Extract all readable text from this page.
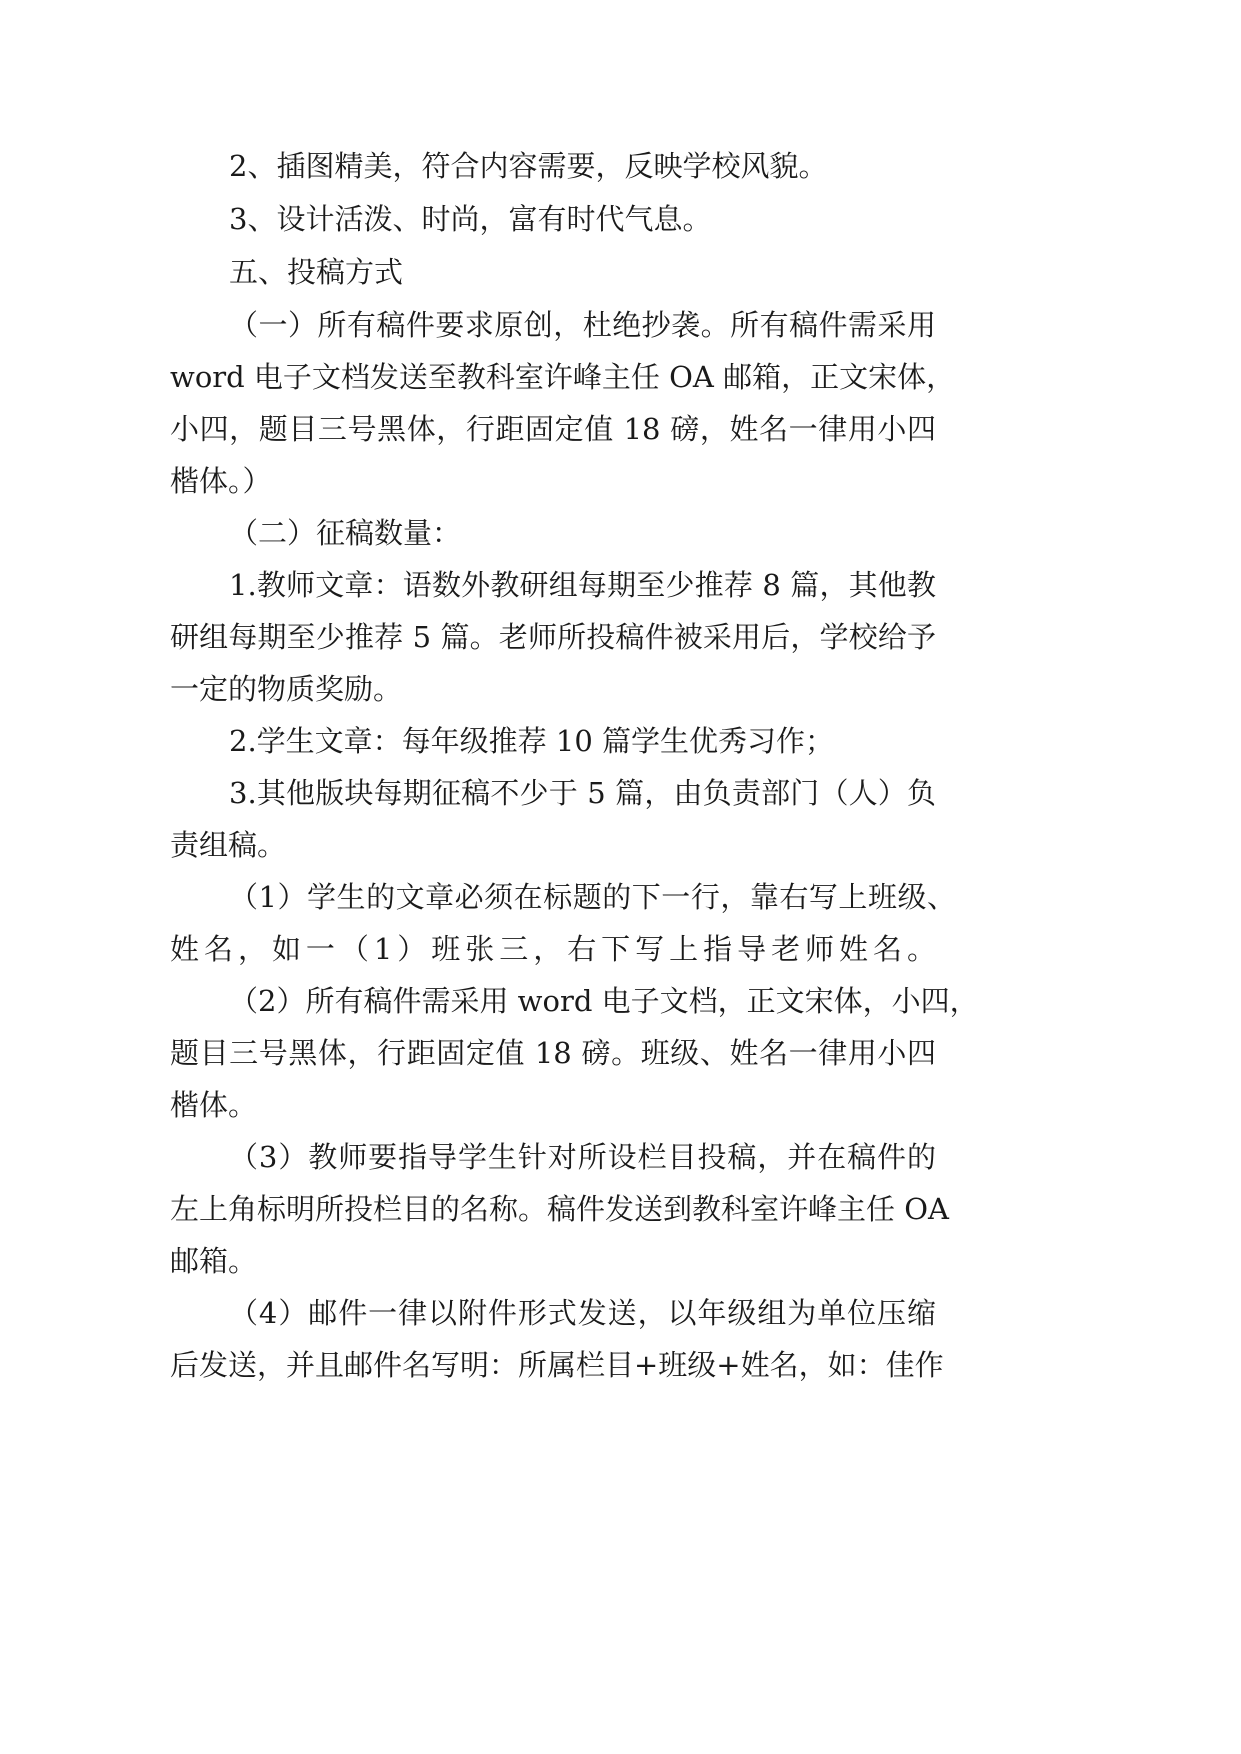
2、插图精美，符合内容需要，反映学校风貌。
3、设计活泼、时尚，富有时代气息。
五、投稿方式
（一）所有稿件要求原创，杜绝抄袭。所有稿件需采用
word 电子文档发送至教科室许峰主任 OA 邮箱，正文宋体，
小四，题目三号黑体，行距固定值 18 磅，姓名一律用小四
楷体。）
（二）征稿数量：
1.教师文章：语数外教研组每期至少推荐 8 篇，其他教
研组每期至少推荐 5 篇。老师所投稿件被采用后，学校给予
一定的物质奖励。
2.学生文章：每年级推荐 10 篇学生优秀习作；
3.其他版块每期征稿不少于 5 篇，由负责部门（人）负
责组稿。
（1）学生的文章必须在标题的下一行，靠右写上班级、
姓名，如一（1）班张三，右下写上指导老师姓名。
（2）所有稿件需采用 word 电子文档，正文宋体，小四，
题目三号黑体，行距固定值 18 磅。班级、姓名一律用小四
楷体。
（3）教师要指导学生针对所设栏目投稿，并在稿件的
左上角标明所投栏目的名称。稿件发送到教科室许峰主任 OA
邮箱。
（4）邮件一律以附件形式发送，以年级组为单位压缩
后发送，并且邮件名写明：所属栏目+班级+姓名，如：佳作
